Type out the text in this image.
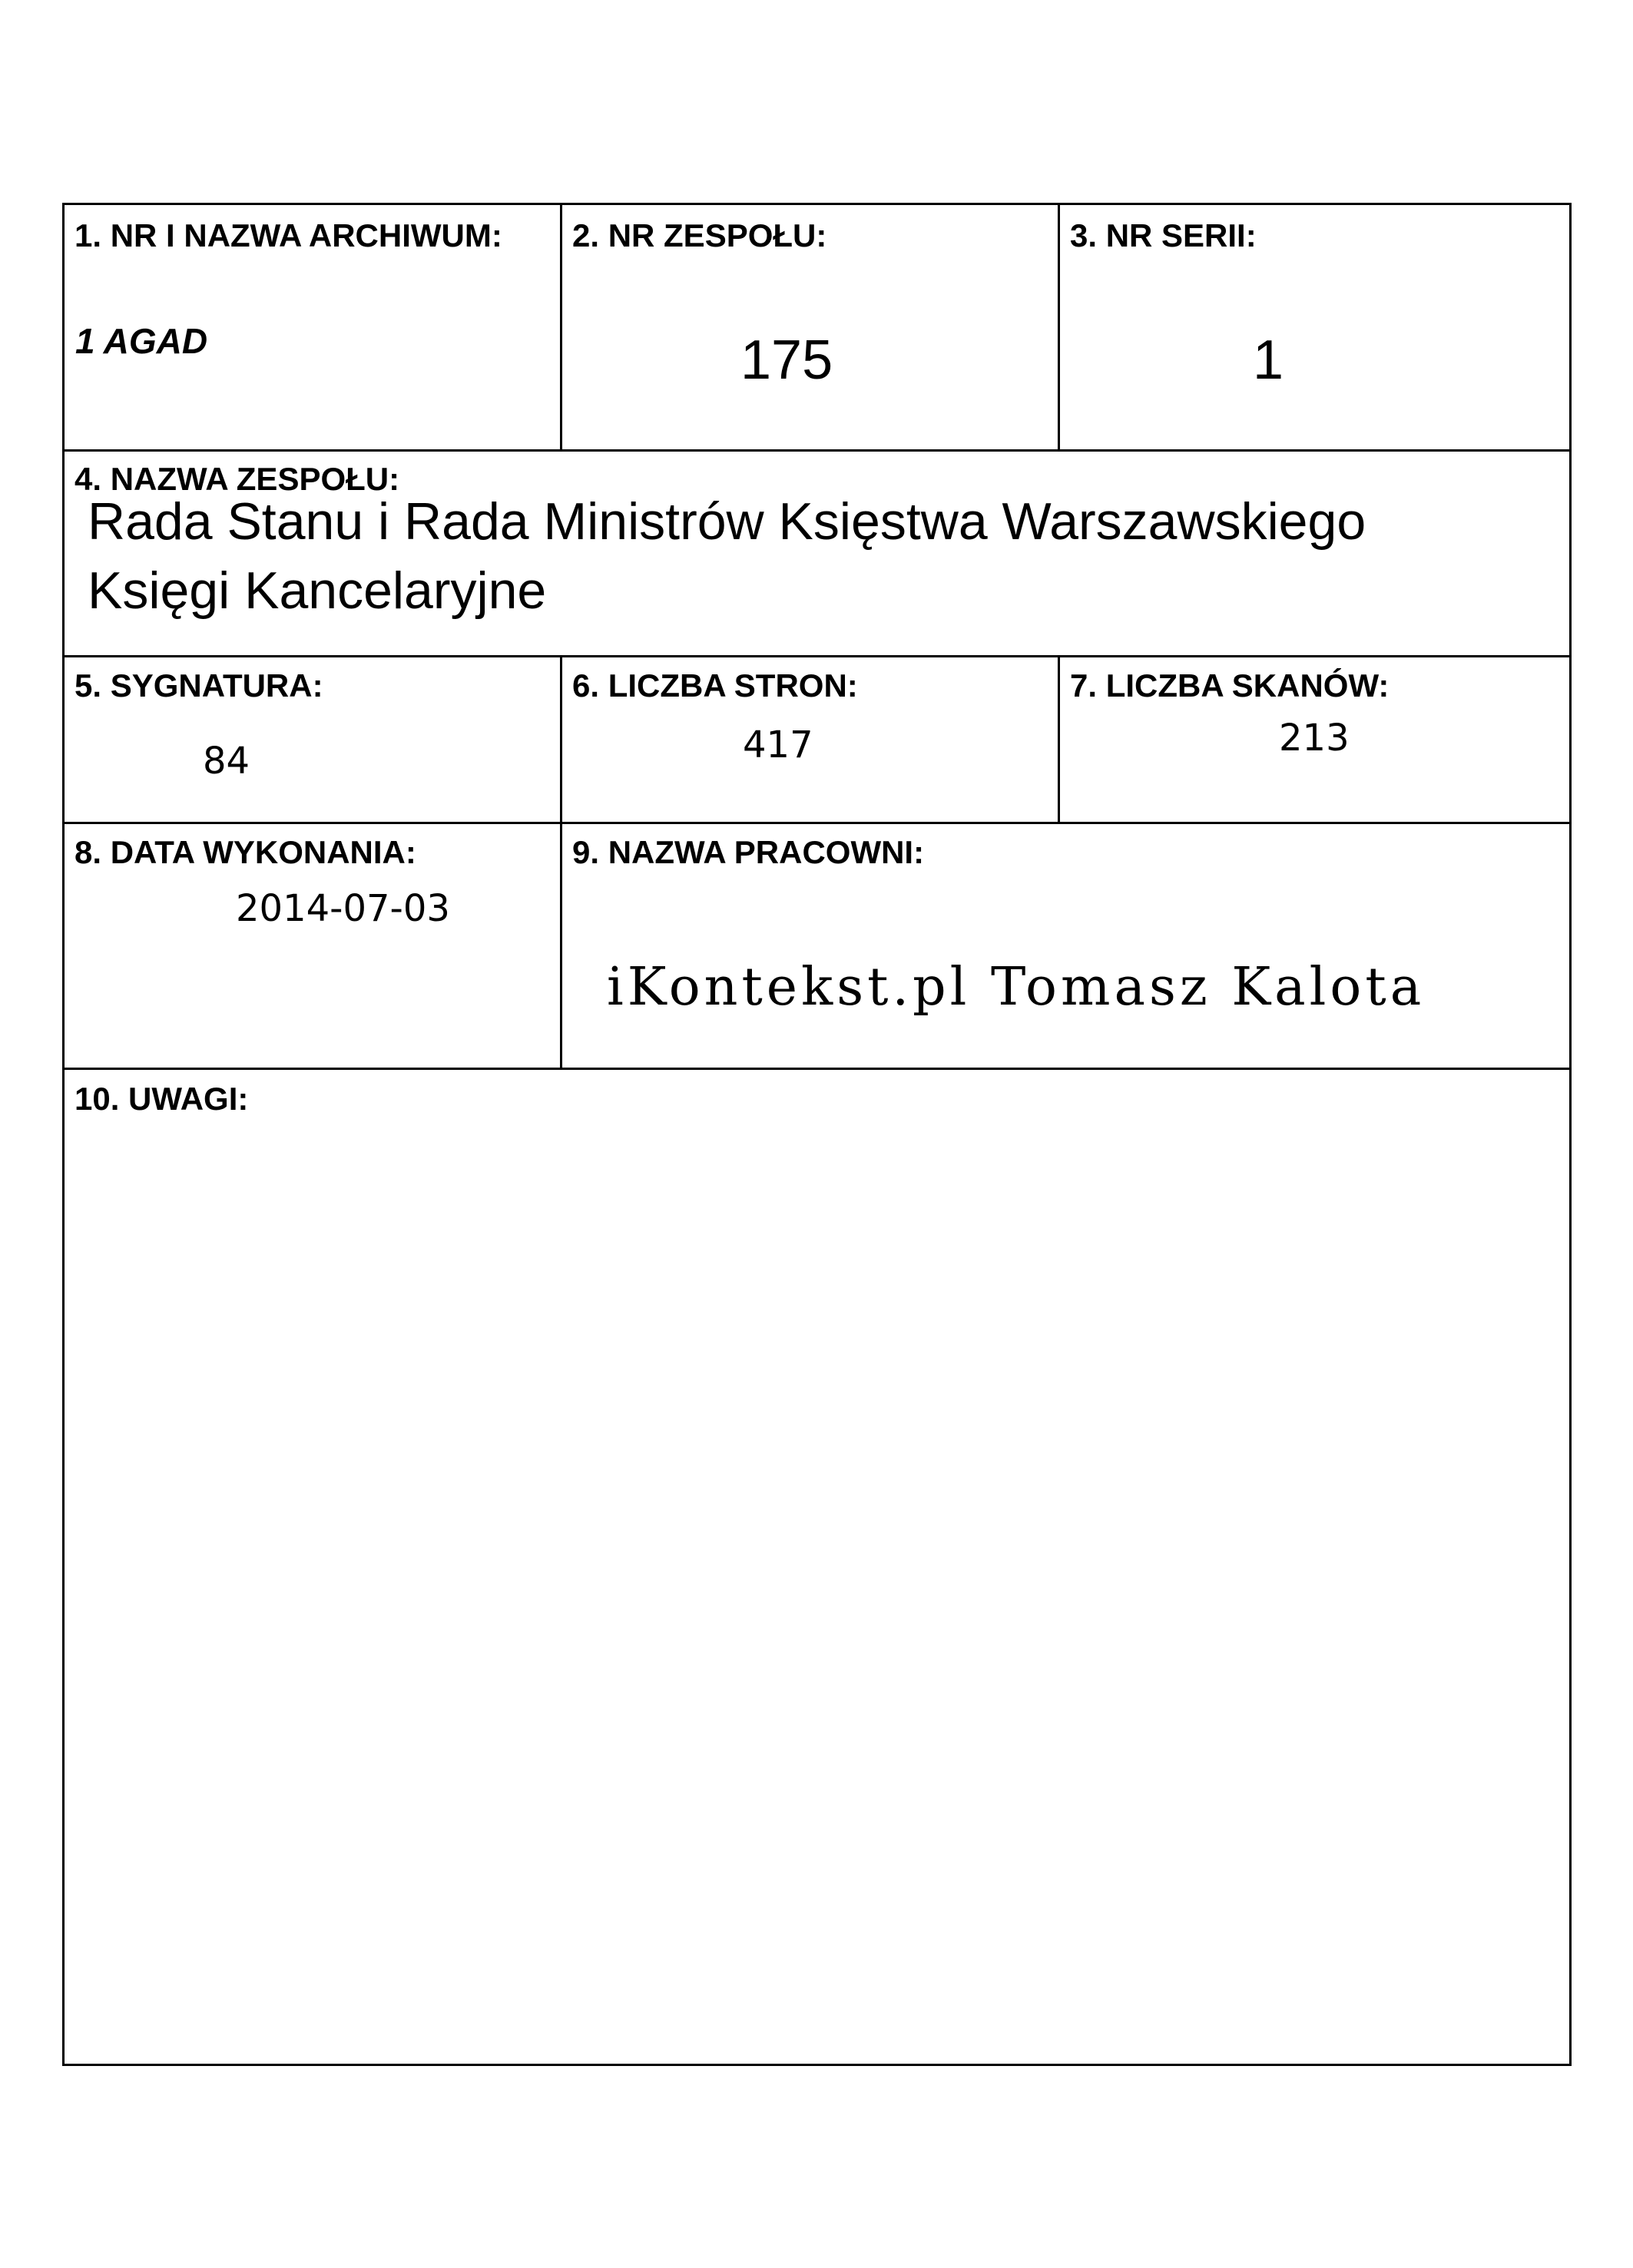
1. NR I NAZWA ARCHIWUM:
1 AGAD
2. NR ZESPOŁU:
175
3. NR SERII:
1
4. NAZWA ZESPOŁU:
Rada Stanu i Rada Ministrów Księstwa Warszawskiego
Księgi Kancelaryjne
5. SYGNATURA:
84
6. LICZBA STRON:
417
7. LICZBA SKANÓW:
213
8. DATA WYKONANIA:
2014-07-03
9. NAZWA PRACOWNI:
iKontekst.pl Tomasz Kalota
10. UWAGI:
